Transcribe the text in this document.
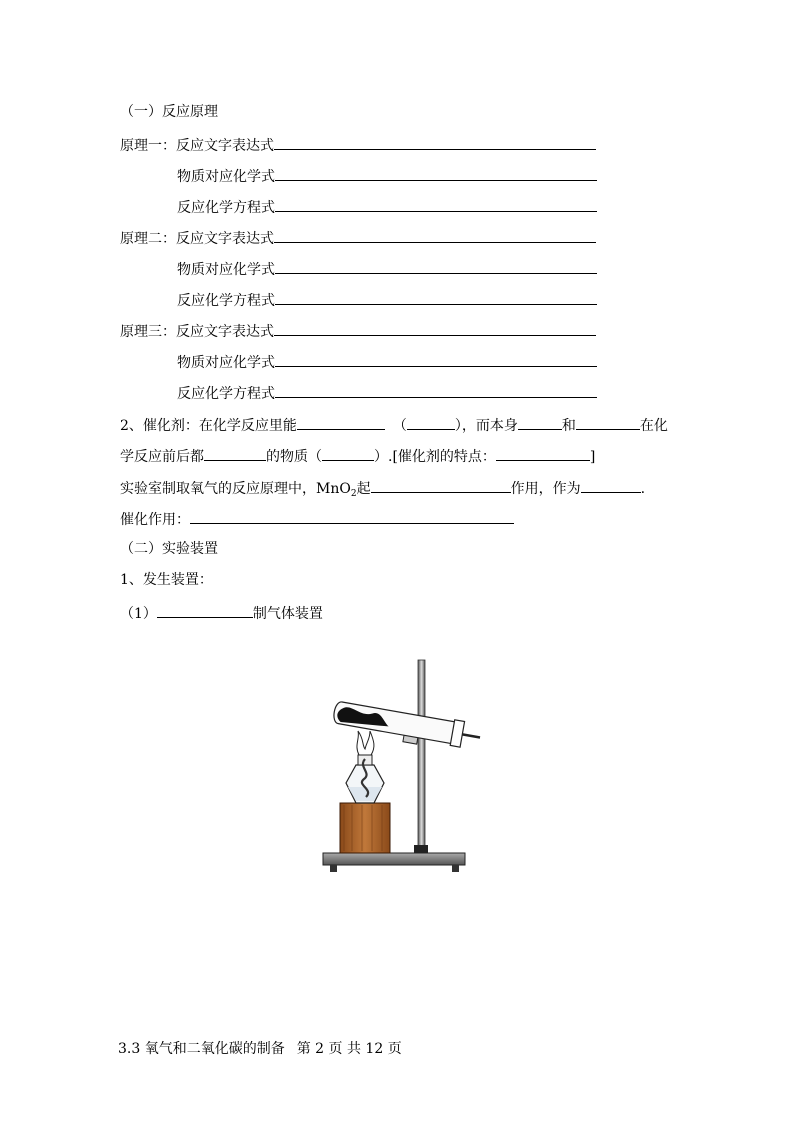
（一）反应原理
原理一：反应文字表达式
物质对应化学式
反应化学方程式
原理二：反应文字表达式
物质对应化学式
反应化学方程式
原理三：反应文字表达式
物质对应化学式
反应化学方程式
2、催化剂：在化学反应里能	（	），而本身	和	在化
学反应前后都	的物质（	）.[催化剂的特点：	]
实验室制取氧气的反应原理中，MnO$_2$起	作用，作为	.
催化作用：
（二）实验装置
1、发生装置：
（1）	制气体装置
3.3 氧气和二氧化碳的制备 第 2 页 共 12 页
